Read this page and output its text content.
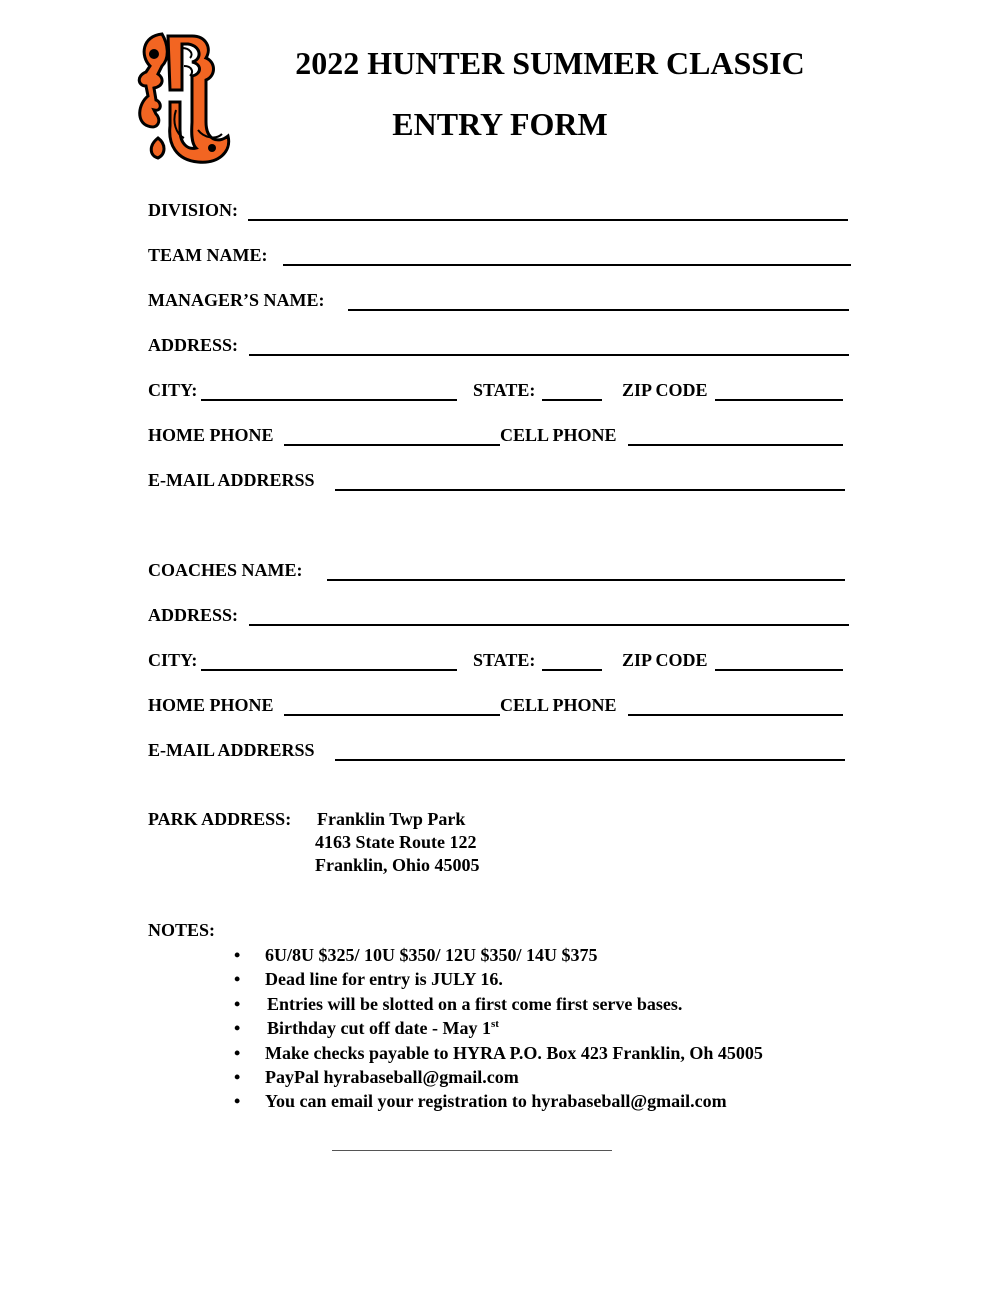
2022 HUNTER SUMMER CLASSIC
ENTRY FORM
DIVISION:
TEAM NAME:
MANAGER’S NAME:
ADDRESS:
CITY:	STATE:	ZIP CODE
HOME PHONE	CELL PHONE
E-MAIL ADDRERSS
COACHES NAME:
ADDRESS:
CITY:	STATE:	ZIP CODE
HOME PHONE	CELL PHONE
E-MAIL ADDRERSS
PARK ADDRESS: Franklin Twp Park
4163 State Route 122
Franklin, Ohio 45005
NOTES:
• 6U/8U $325/ 10U $350/ 12U $350/ 14U $375
• Dead line for entry is JULY 16.
• Entries will be slotted on a first come first serve bases.
• Birthday cut off date - May 1st
• Make checks payable to HYRA P.O. Box 423 Franklin, Oh 45005
• PayPal hyrabaseball@gmail.com
• You can email your registration to hyrabaseball@gmail.com
